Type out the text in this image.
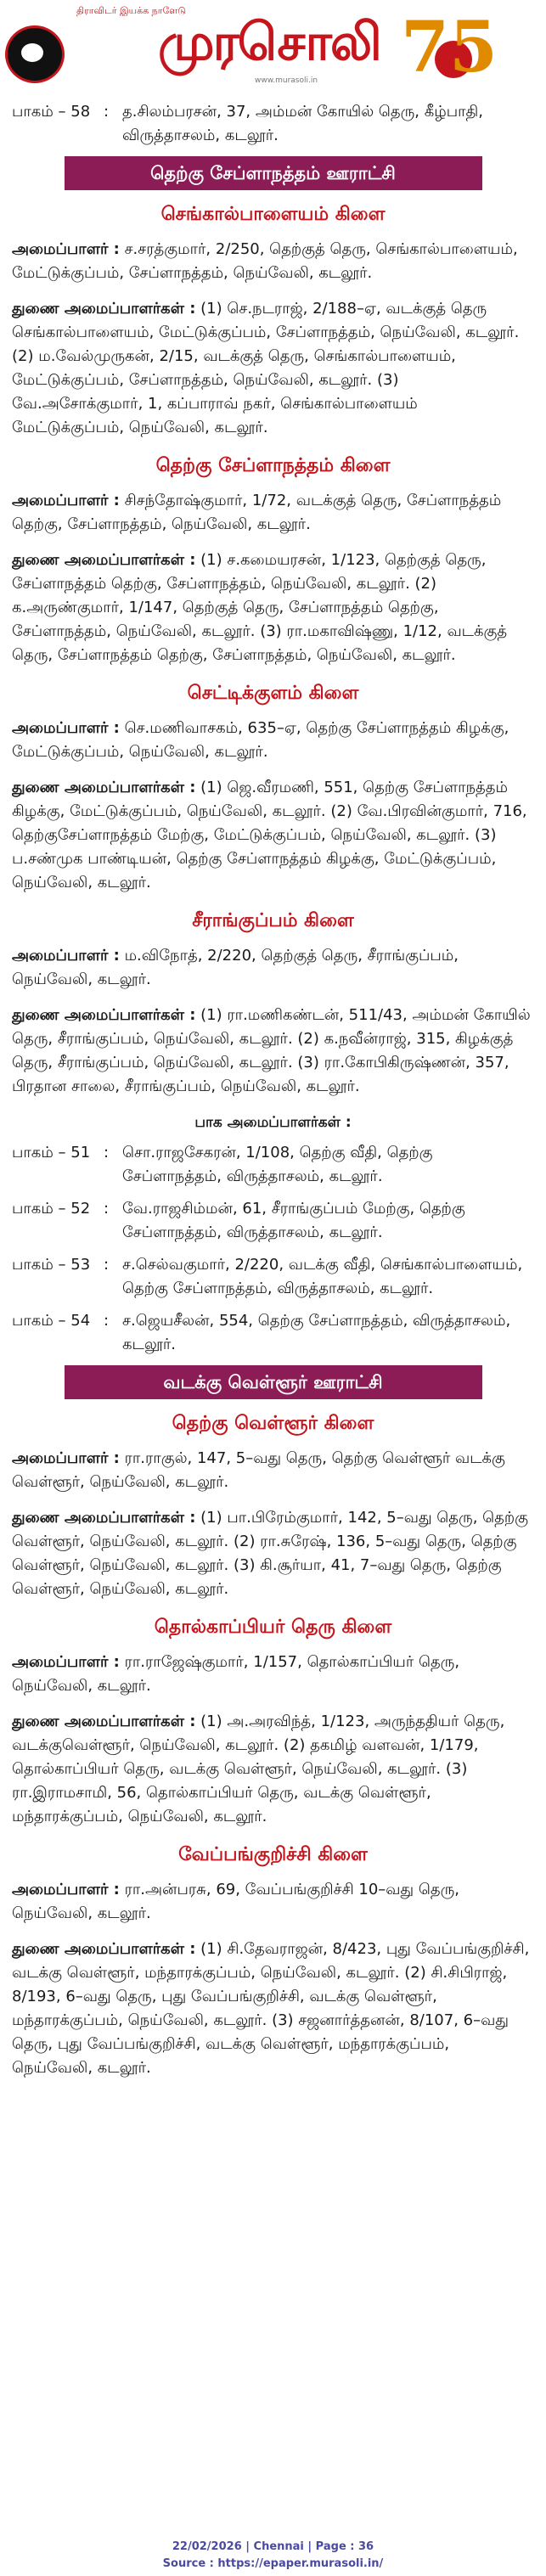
திராவிடர் இயக்க நாளேடு
முரசொலி
www.murasoli.in 75
பாகம் – 58 : த.சிலம்பரசன், 37, அம்மன் கோயில் தெரு, கீழ்பாதி, விருத்தாசலம், கடலூர்.
தெற்கு சேப்ளாநத்தம் ஊராட்சி
செங்கால்பாளையம் கிளை

அமைப்பாளர் : ச.சரத்குமார், 2/250, தெற்குத் தெரு, செங்கால்பாளையம், மேட்டுக்குப்பம், சேப்ளாநத்தம், நெய்வேலி, கடலூர்.

துணை அமைப்பாளர்கள் : (1) செ.நடராஜ், 2/188–ஏ, வடக்குத் தெரு செங்கால்பாளையம், மேட்டுக்குப்பம், சேப்ளாநத்தம், நெய்வேலி, கடலூர். (2) ம.வேல்முருகன், 2/15, வடக்குத் தெரு, செங்கால்பாளையம், மேட்டுக்குப்பம், சேப்ளாநத்தம், நெய்வேலி, கடலூர். (3) வே.அசோக்குமார், 1, கப்பாராவ் நகர், செங்கால்பாளையம் மேட்டுக்குப்பம், நெய்வேலி, கடலூர்.

தெற்கு சேப்ளாநத்தம் கிளை

அமைப்பாளர் : சிசந்தோஷ்குமார், 1/72, வடக்குத் தெரு, சேப்ளாநத்தம் தெற்கு, சேப்ளாநத்தம், நெய்வேலி, கடலூர்.

துணை அமைப்பாளர்கள் : (1) ச.கமையரசன், 1/123, தெற்குத் தெரு, சேப்ளாநத்தம் தெற்கு, சேப்ளாநத்தம், நெய்வேலி, கடலூர். (2) க.அருண்குமார், 1/147, தெற்குத் தெரு, சேப்ளாநத்தம் தெற்கு, சேப்ளாநத்தம், நெய்வேலி, கடலூர். (3) ரா.மகாவிஷ்ணு, 1/12, வடக்குத் தெரு, சேப்ளாநத்தம் தெற்கு, சேப்ளாநத்தம், நெய்வேலி, கடலூர்.

செட்டிக்குளம் கிளை

அமைப்பாளர் : செ.மணிவாசகம், 635–ஏ, தெற்கு சேப்ளாநத்தம் கிழக்கு, மேட்டுக்குப்பம், நெய்வேலி, கடலூர்.

துணை அமைப்பாளர்கள் : (1) ஜெ.வீரமணி, 551, தெற்கு சேப்ளாநத்தம் கிழக்கு, மேட்டுக்குப்பம், நெய்வேலி, கடலூர். (2) வே.பிரவின்குமார், 716, தெற்குசேப்ளாநத்தம் மேற்கு, மேட்டுக்குப்பம், நெய்வேலி, கடலூர். (3) ப.சண்முக பாண்டியன், தெற்கு சேப்ளாநத்தம் கிழக்கு, மேட்டுக்குப்பம், நெய்வேலி, கடலூர்.

சீராங்குப்பம் கிளை

அமைப்பாளர் : ம.விநோத், 2/220, தெற்குத் தெரு, சீராங்குப்பம், நெய்வேலி, கடலூர்.

துணை அமைப்பாளர்கள் : (1) ரா.மணிகண்டன், 511/43, அம்மன் கோயில் தெரு, சீராங்குப்பம், நெய்வேலி, கடலூர். (2) க.நவீன்ராஜ், 315, கிழக்குத் தெரு, சீராங்குப்பம், நெய்வேலி, கடலூர். (3) ரா.கோபிகிருஷ்ணன், 357, பிரதான சாலை, சீராங்குப்பம், நெய்வேலி, கடலூர்.

பாக அமைப்பாளர்கள் :
பாகம் – 51 : சொ.ராஜசேகரன், 1/108, தெற்கு வீதி, தெற்கு சேப்ளாநத்தம், விருத்தாசலம், கடலூர்.
பாகம் – 52 : வே.ராஜசிம்மன், 61, சீராங்குப்பம் மேற்கு, தெற்கு சேப்ளாநத்தம், விருத்தாசலம், கடலூர்.
பாகம் – 53 : ச.செல்வகுமார், 2/220, வடக்கு வீதி, செங்கால்பாளையம், தெற்கு சேப்ளாநத்தம், விருத்தாசலம், கடலூர்.
பாகம் – 54 : ச.ஜெயசீலன், 554, தெற்கு சேப்ளாநத்தம், விருத்தாசலம், கடலூர்.
வடக்கு வெள்ளூர் ஊராட்சி
தெற்கு வெள்ளூர் கிளை

அமைப்பாளர் : ரா.ராகுல், 147, 5–வது தெரு, தெற்கு வெள்ளூர் வடக்கு வெள்ளூர், நெய்வேலி, கடலூர்.

துணை அமைப்பாளர்கள் : (1) பா.பிரேம்குமார், 142, 5–வது தெரு, தெற்கு வெள்ளூர், நெய்வேலி, கடலூர். (2) ரா.சுரேஷ், 136, 5–வது தெரு, தெற்கு வெள்ளூர், நெய்வேலி, கடலூர். (3) கி.சூர்யா, 41, 7–வது தெரு, தெற்கு வெள்ளூர், நெய்வேலி, கடலூர்.

தொல்காப்பியர் தெரு கிளை

அமைப்பாளர் : ரா.ராஜேஷ்குமார், 1/157, தொல்காப்பியர் தெரு, நெய்வேலி, கடலூர்.

துணை அமைப்பாளர்கள் : (1) அ.அரவிந்த், 1/123, அருந்ததியர் தெரு, வடக்குவெள்ளூர், நெய்வேலி, கடலூர். (2) தகமிழ் வளவன், 1/179, தொல்காப்பியர் தெரு, வடக்கு வெள்ளூர், நெய்வேலி, கடலூர். (3) ரா.இராமசாமி, 56, தொல்காப்பியர் தெரு, வடக்கு வெள்ளூர், மந்தாரக்குப்பம், நெய்வேலி, கடலூர்.

வேப்பங்குறிச்சி கிளை

அமைப்பாளர் : ரா.அன்பரசு, 69, வேப்பங்குறிச்சி 10–வது தெரு, நெய்வேலி, கடலூர்.

துணை அமைப்பாளர்கள் : (1) சி.தேவராஜன், 8/423, புது வேப்பங்குறிச்சி, வடக்கு வெள்ளூர், மந்தாரக்குப்பம், நெய்வேலி, கடலூர். (2) சி.சிபிராஜ், 8/193, 6–வது தெரு, புது வேப்பங்குறிச்சி, வடக்கு வெள்ளூர், மந்தாரக்குப்பம், நெய்வேலி, கடலூர். (3) சஜனார்த்தனன், 8/107, 6–வது தெரு, புது வேப்பங்குறிச்சி, வடக்கு வெள்ளூர், மந்தாரக்குப்பம், நெய்வேலி, கடலூர்.

22/02/2026 | Chennai | Page : 36
Source : https://epaper.murasoli.in/
